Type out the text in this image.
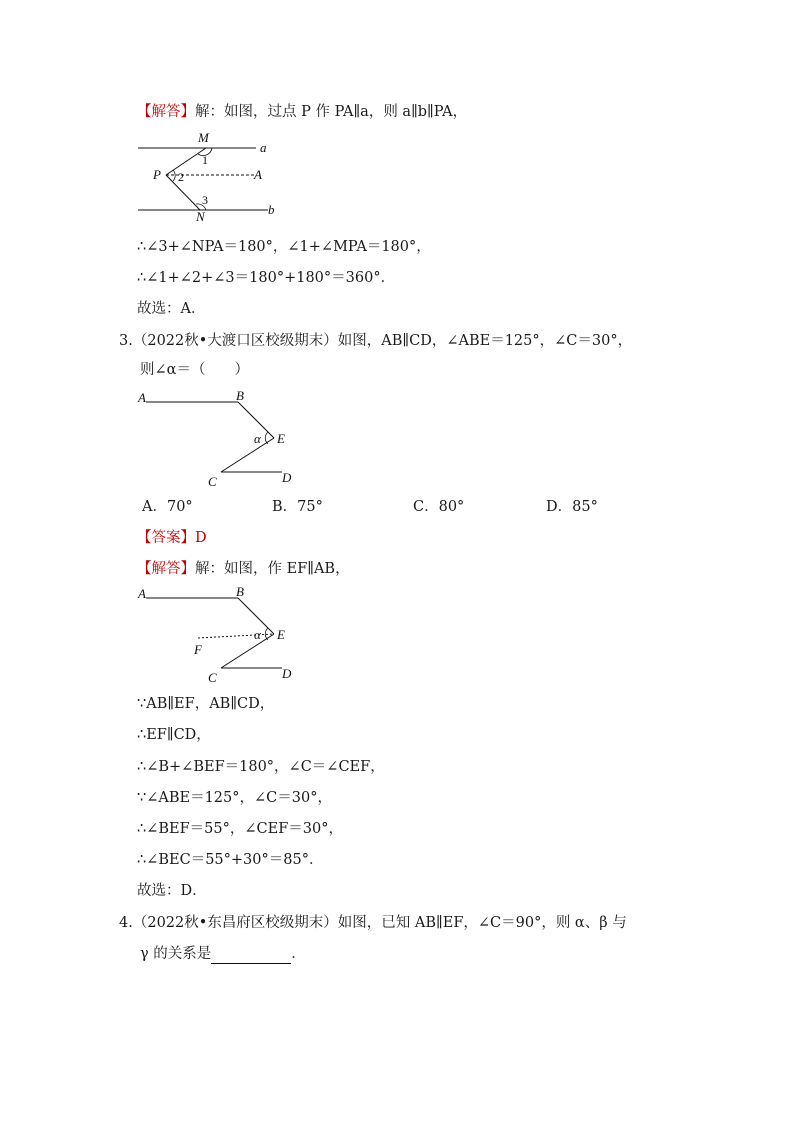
【解答】解：如图，过点 P 作 PA∥a，则 a∥b∥PA，
M
a
1
P 2	A
3
N	b
∴∠3+∠NPA＝180°，∠1+∠MPA＝180°，
∴∠1+∠2+∠3＝180°+180°＝360°．
故选：A．
3.（2022秋•大渡口区校级期末）如图，AB∥CD，∠ABE＝125°，∠C＝30°，
则∠α＝（　　）
A	B
α E
C	D
A．70°	B．75°	C．80°	D．85°
【答案】D
【解答】解：如图，作 EF∥AB，
A	B
α E
F
C	D
∵AB∥EF，AB∥CD，
∴EF∥CD，
∴∠B+∠BEF＝180°，∠C＝∠CEF，
∵∠ABE＝125°，∠C＝30°，
∴∠BEF＝55°，∠CEF＝30°，
∴∠BEC＝55°+30°＝85°．
故选：D．
4.（2022秋•东昌府区校级期末）如图，已知 AB∥EF，∠C＝90°，则 α、β 与
γ 的关系是	．
